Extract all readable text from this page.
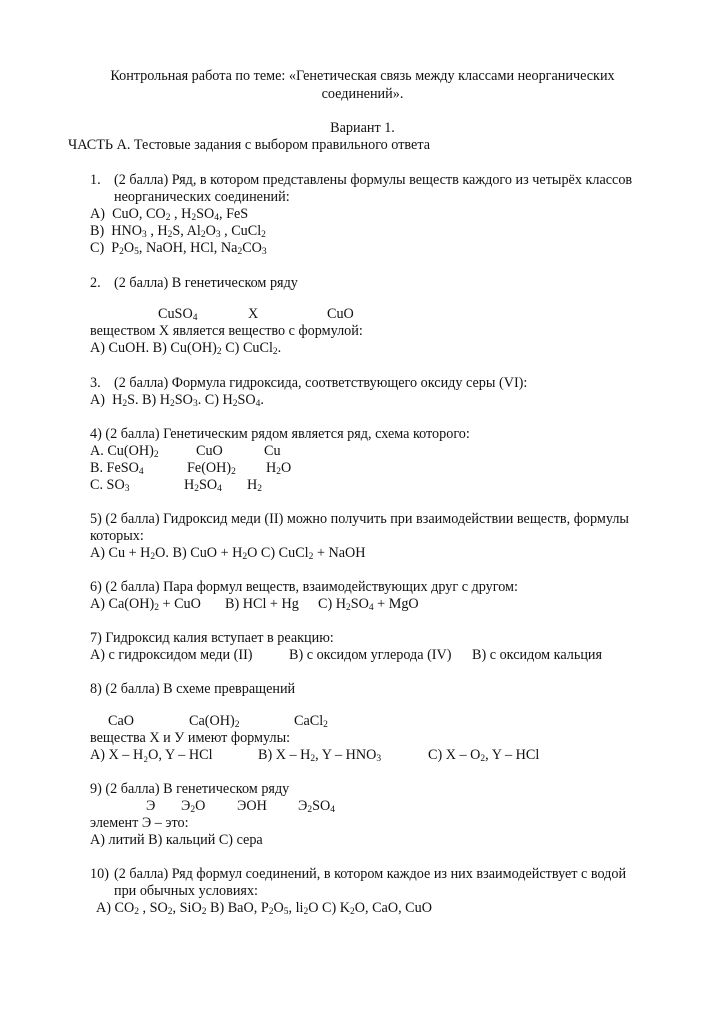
Контрольная работа по теме: «Генетическая связь между классами неорганических
соединений».
Вариант 1.
ЧАСТЬ А. Тестовые задания с выбором правильного ответа
1. (2 балла) Ряд, в котором представлены формулы веществ каждого из четырёх классов
неорганических соединений:
A) CuO, $CO_2$ , $H_2SO_4$, FeS
B) $HNO_3$ , $H_2S$, $Al_2O_3$ , CuCl$_2$
C) $P_2O_5$, NaOH, HCl, $Na_2CO_3$
2. (2 балла) В генетическом ряду
CuSO$_4$	X	CuO
веществом X является вещество с формулой:
A) CuOH. B) $Cu(OH)_2$ C) CuCl$_2$.
3. (2 балла) Формула гидроксида, соответствующего оксиду серы (VI):
A) $H_2S$. B) $H_2SO_3$. C) $H_2SO_4$.
4) (2 балла) Генетическим рядом является ряд, схема которого:
A. $Cu(OH)_2$	CuO	Cu
B. FeSO$_4$	$Fe(OH)_2$ $H_2O$
C. $SO_3$	$H_2SO_4$ $H_2$
5) (2 балла) Гидроксид меди (II) можно получить при взаимодействии веществ, формулы
которых:
A) $Cu + H_2O$. B) CuO + $H_2O$ C) CuCl$_2$ + NaOH
6) (2 балла) Пара формул веществ, взаимодействующих друг с другом:
A) $Ca(OH)_2$ + CuO B) HCl + Hg C) $H_2SO_4$ + MgO
7) Гидроксид калия вступает в реакцию:
A) с гидроксидом меди (II)	B) с оксидом углерода (IV) B) с оксидом кальция
8) (2 балла) В схеме превращений
CaO	$Ca(OH)_2$	CaCl$_2$
вещества X и У имеют формулы:
A) X – H₂O, Y – HCl	B) X – $H_2$, Y – $HNO_3$	C) X – $O_2$, Y – HCl
9) (2 балла) В генетическом ряду
Э $Э_2O$ ЭOH $Э_2SO_4$
элемент Э – это:
A) литий B) кальций C) сера
10) (2 балла) Ряд формул соединений, в котором каждое из них взаимодействует с водой
при обычных условиях:
A) $CO_2$ , $SO_2$, SiO$_2$ B) BaO, $P_2O_5$, $li_2O$ C) $K_2O$, CaO, CuO
